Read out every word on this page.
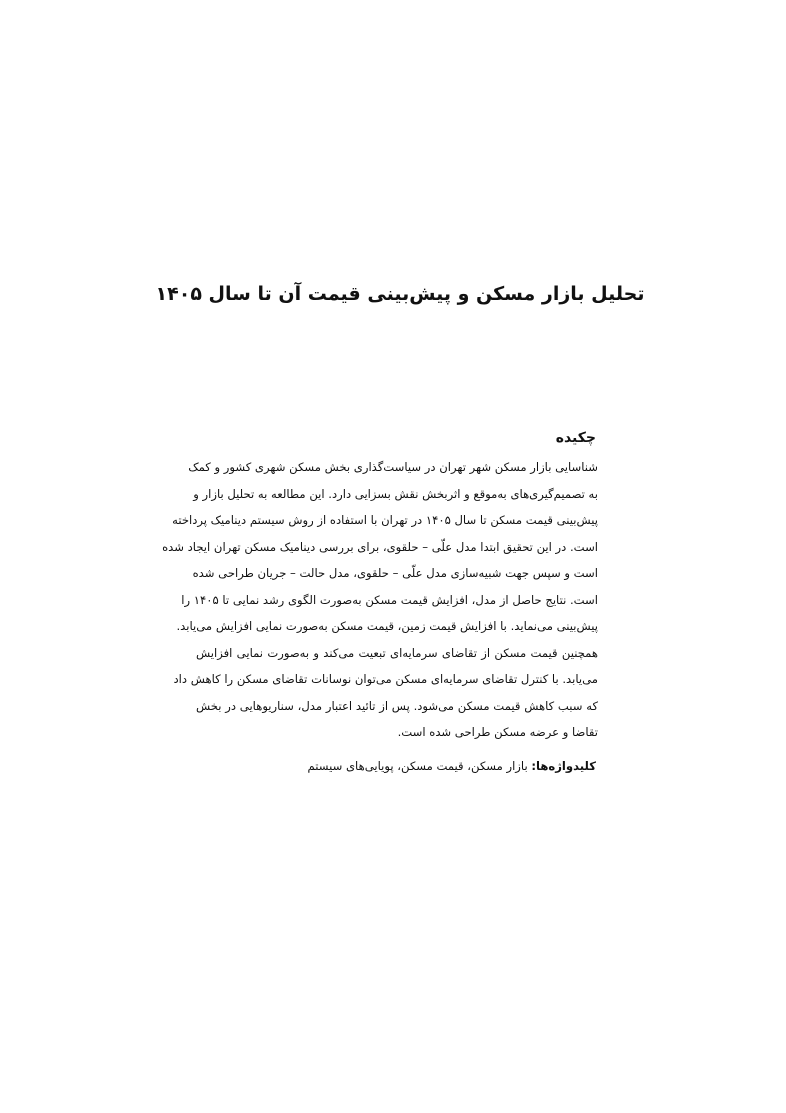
تحلیل بازار مسکن و پیش‌بینی قیمت آن تا سال ۱۴۰۵
چکیده
شناسایی بازار مسکن شهر تهران در سیاست‌گذاری بخش مسکن شهری کشور و کمک
به تصمیم‌گیری‌های به‌موقع و اثربخش نقش بسزایی دارد. این مطالعه به تحلیل بازار و
پیش‌بینی قیمت مسکن تا سال ۱۴۰۵ در تهران با استفاده از روش سیستم دینامیک پرداخته
است. در این تحقیق ابتدا مدل علّی – حلقوی، برای بررسی دینامیک مسکن تهران ایجاد شده
است و سپس جهت شبیه‌سازی مدل علّی – حلقوی، مدل حالت – جریان طراحی شده
است. نتایج حاصل از مدل، افزایش قیمت مسکن به‌صورت الگوی رشد نمایی تا ۱۴۰۵ را
پیش‌بینی می‌نماید. با افزایش قیمت زمین، قیمت مسکن به‌صورت نمایی افزایش می‌یابد.
همچنین قیمت مسکن از تقاضای سرمایه‌ای تبعیت می‌کند و به‌صورت نمایی افزایش
می‌یابد. با کنترل تقاضای سرمایه‌ای مسکن می‌توان نوسانات تقاضای مسکن را کاهش داد
که سبب کاهش قیمت مسکن می‌شود. پس از تائید اعتبار مدل، سناریوهایی در بخش
تقاضا و عرضه مسکن طراحی شده است.
کلیدواژه‌ها: بازار مسکن، قیمت مسکن، پویایی‌های سیستم
